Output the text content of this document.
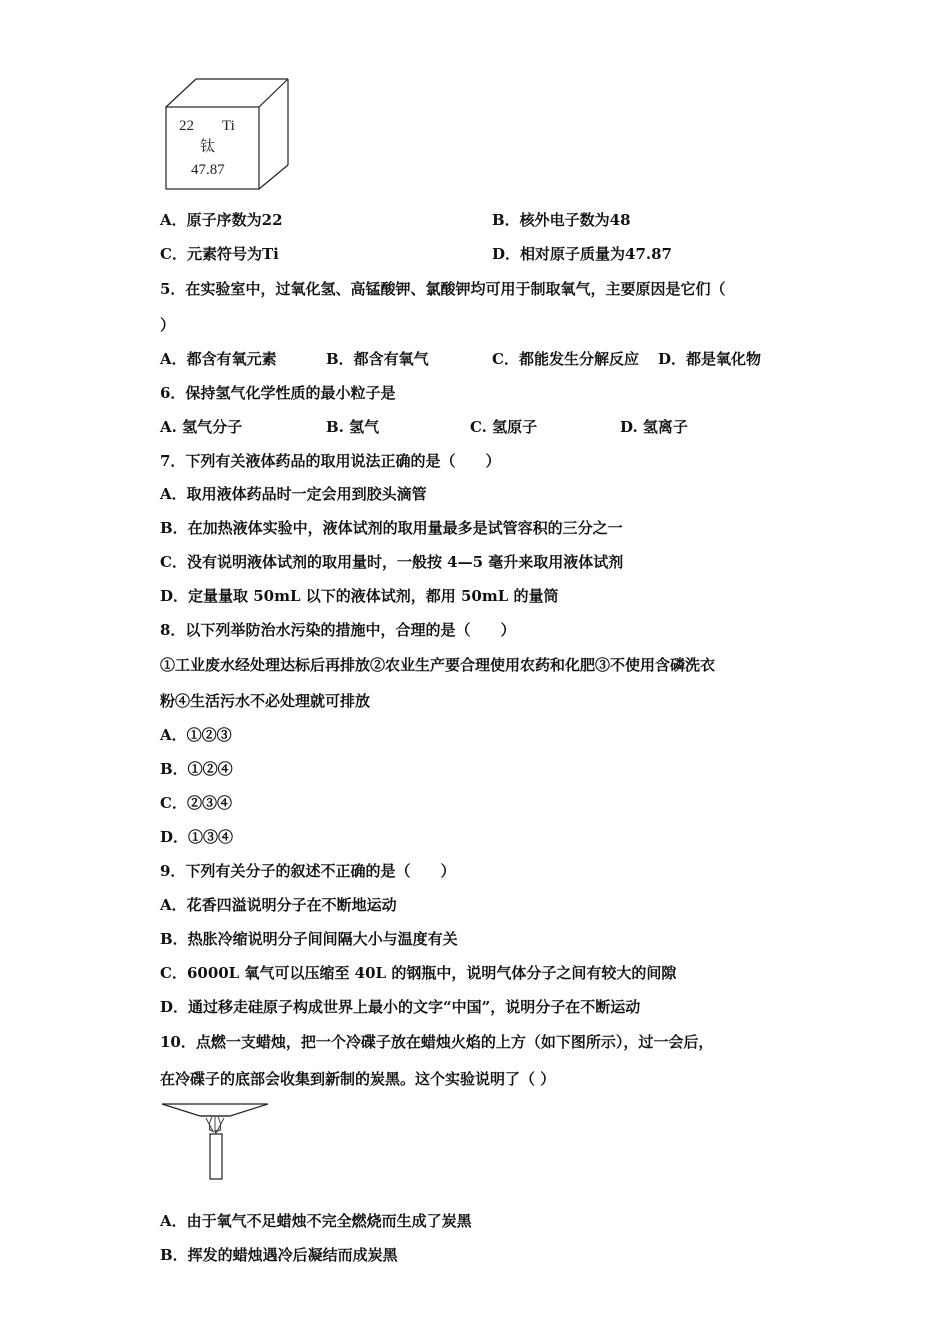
22 Ti
钛
47.87
A．原子序数为22	B．核外电子数为48
C．元素符号为Ti	D．相对原子质量为47.87
5．在实验室中，过氧化氢、高锰酸钾、氯酸钾均可用于制取氧气，主要原因是它们（
）
A．都含有氧元素	B．都含有氧气	C．都能发生分解反应 D．都是氧化物
6．保持氢气化学性质的最小粒子是
A. 氢气分子	B. 氢气	C. 氢原子	D. 氢离子
7．下列有关液体药品的取用说法正确的是（　　）
A．取用液体药品时一定会用到胶头滴管
B．在加热液体实验中，液体试剂的取用量最多是试管容积的三分之一
C．没有说明液体试剂的取用量时，一般按 4—5 毫升来取用液体试剂
D．定量量取 50mL 以下的液体试剂，都用 50mL 的量筒
8．以下列举防治水污染的措施中，合理的是（　　）
①工业废水经处理达标后再排放②农业生产要合理使用农药和化肥③不使用含磷洗衣
粉④生活污水不必处理就可排放
A．①②③
B．①②④
C．②③④
D．①③④
9．下列有关分子的叙述不正确的是（　　）
A．花香四溢说明分子在不断地运动
B．热胀冷缩说明分子间间隔大小与温度有关
C．6000L 氧气可以压缩至 40L 的钢瓶中，说明气体分子之间有较大的间隙
D．通过移走硅原子构成世界上最小的文字“中国”，说明分子在不断运动
10．点燃一支蜡烛，把一个冷碟子放在蜡烛火焰的上方（如下图所示），过一会后，
在冷碟子的底部会收集到新制的炭黑。这个实验说明了（ ）
A．由于氧气不足蜡烛不完全燃烧而生成了炭黑
B．挥发的蜡烛遇冷后凝结而成炭黑
